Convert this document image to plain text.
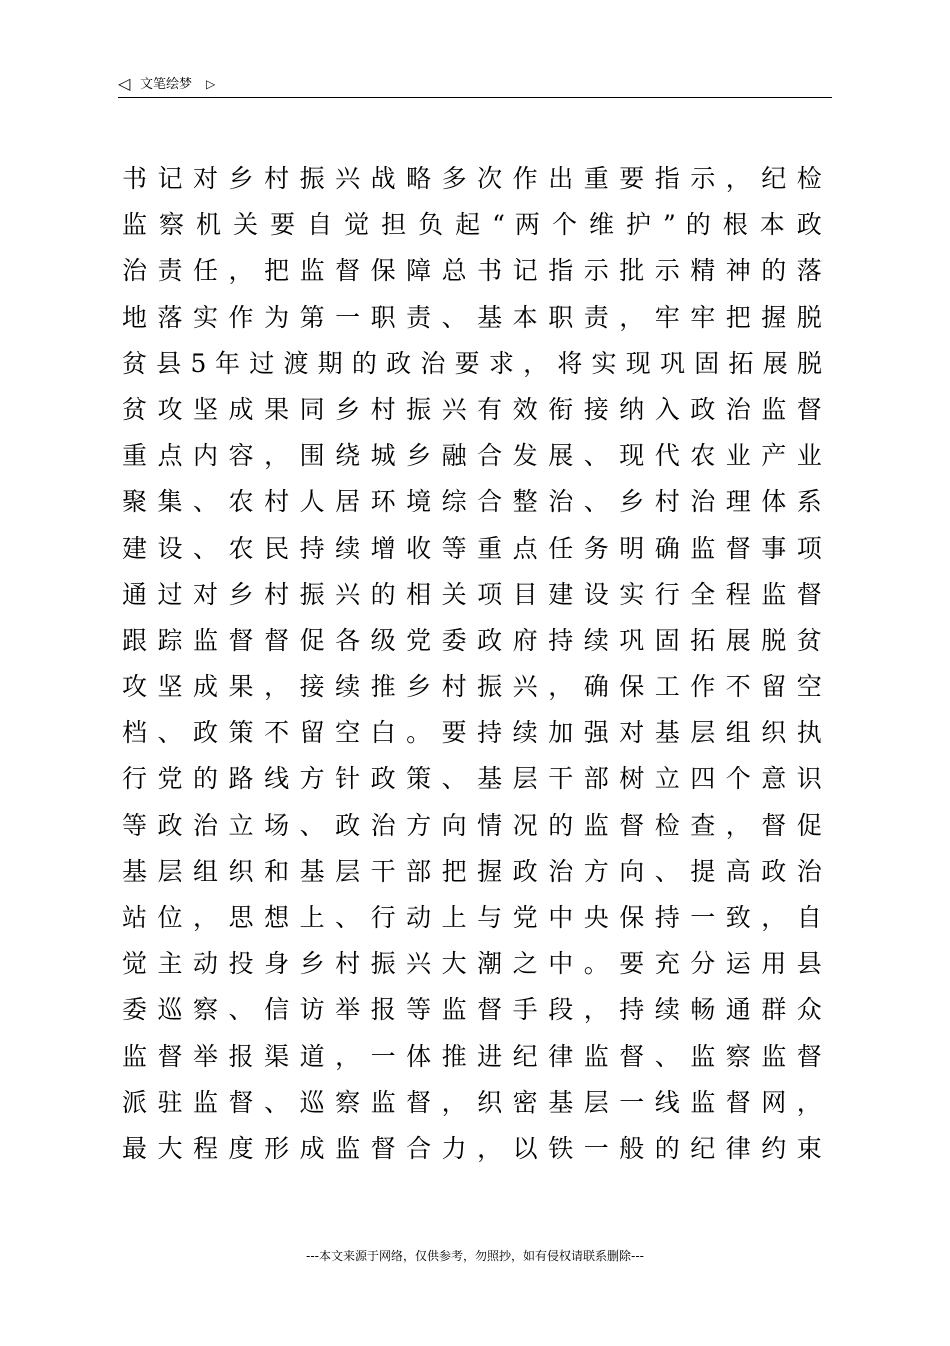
◁ 文笔绘梦 ▷
书 记 对 乡 村 振 兴 战 略 多 次 作 出 重 要 指 示 ， 纪 检
监 察 机 关 要 自 觉 担 负 起 “ 两 个 维 护 ” 的 根 本 政
治 责 任 ， 把 监 督 保 障 总 书 记 指 示 批 示 精 神 的 落
地 落 实 作 为 第 一 职 责 、 基 本 职 责 ， 牢 牢 把 握 脱
贫 县 5 年 过 渡 期 的 政 治 要 求 ， 将 实 现 巩 固 拓 展 脱
贫 攻 坚 成 果 同 乡 村 振 兴 有 效 衔 接 纳 入 政 治 监 督
重 点 内 容 ， 围 绕 城 乡 融 合 发 展 、 现 代 农 业 产 业
聚 集 、 农 村 人 居 环 境 综 合 整 治 、 乡 村 治 理 体 系
建 设 、 农 民 持 续 增 收 等 重 点 任 务 明 确 监 督 事 项
通 过 对 乡 村 振 兴 的 相 关 项 目 建 设 实 行 全 程 监 督
跟 踪 监 督 督 促 各 级 党 委 政 府 持 续 巩 固 拓 展 脱 贫
攻 坚 成 果 ， 接 续 推 乡 村 振 兴 ， 确 保 工 作 不 留 空
档 、 政 策 不 留 空 白 。 要 持 续 加 强 对 基 层 组 织 执
行 党 的 路 线 方 针 政 策 、 基 层 干 部 树 立 四 个 意 识
等 政 治 立 场 、 政 治 方 向 情 况 的 监 督 检 查 ， 督 促
基 层 组 织 和 基 层 干 部 把 握 政 治 方 向 、 提 高 政 治
站 位 ， 思 想 上 、 行 动 上 与 党 中 央 保 持 一 致 ， 自
觉 主 动 投 身 乡 村 振 兴 大 潮 之 中 。 要 充 分 运 用 县
委 巡 察 、 信 访 举 报 等 监 督 手 段 ， 持 续 畅 通 群 众
监 督 举 报 渠 道 ， 一 体 推 进 纪 律 监 督 、 监 察 监 督
派 驻 监 督 、 巡 察 监 督 ， 织 密 基 层 一 线 监 督 网 ，
最 大 程 度 形 成 监 督 合 力 ， 以 铁 一 般 的 纪 律 约 束
---本文来源于网络，仅供参考，勿照抄，如有侵权请联系删除---
